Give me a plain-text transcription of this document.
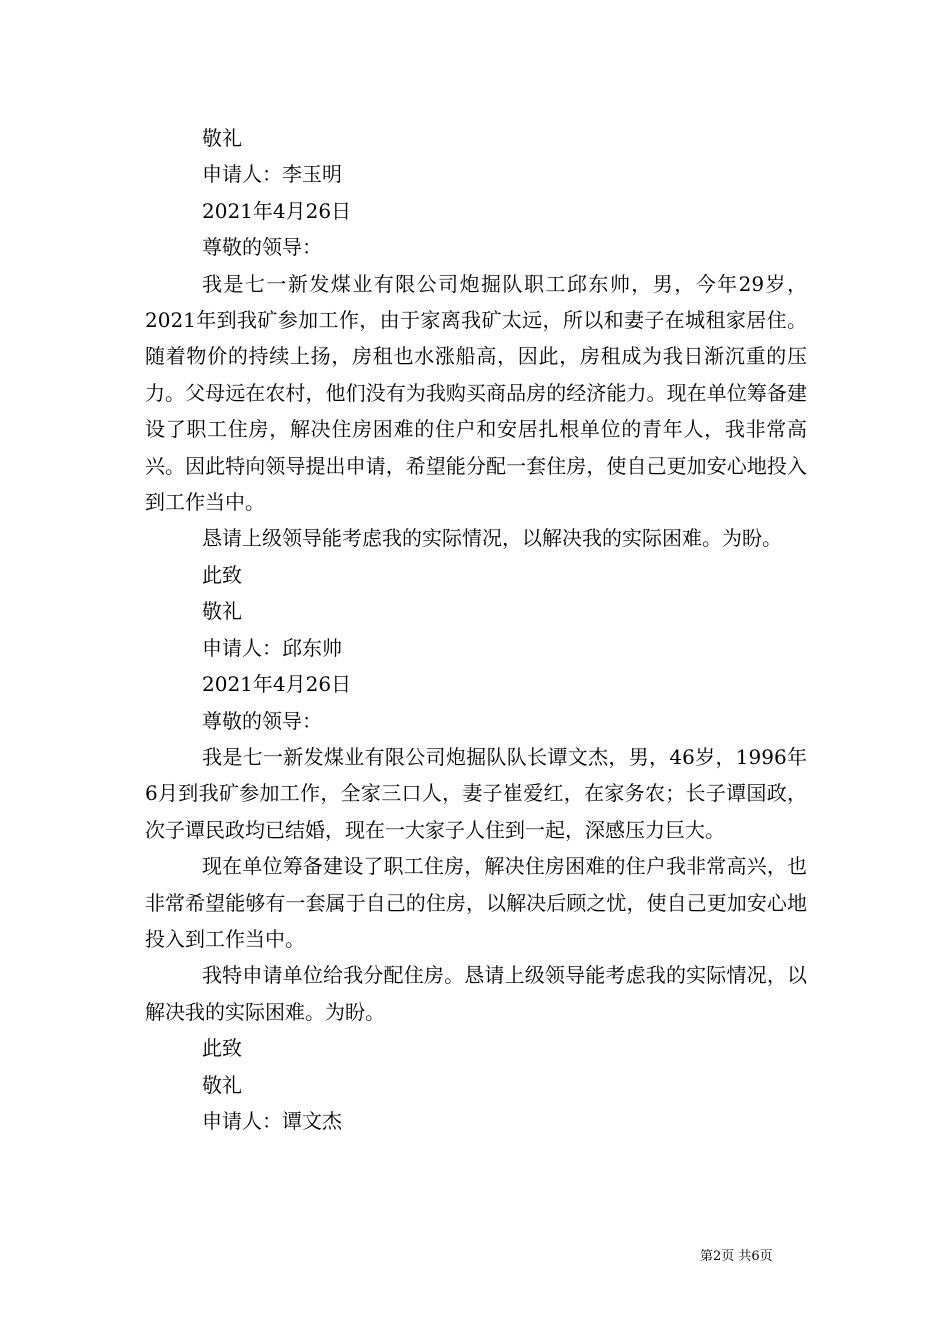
敬礼

申请人：李玉明

2021年4月26日

尊敬的领导：

我是七一新发煤业有限公司炮掘队职工邱东帅，男，今年29岁，2021年到我矿参加工作，由于家离我矿太远，所以和妻子在城租家居住。随着物价的持续上扬，房租也水涨船高，因此，房租成为我日渐沉重的压力。父母远在农村，他们没有为我购买商品房的经济能力。现在单位筹备建设了职工住房，解决住房困难的住户和安居扎根单位的青年人，我非常高兴。因此特向领导提出申请，希望能分配一套住房，使自己更加安心地投入到工作当中。

恳请上级领导能考虑我的实际情况，以解决我的实际困难。为盼。

此致

敬礼

申请人：邱东帅

2021年4月26日

尊敬的领导：

我是七一新发煤业有限公司炮掘队队长谭文杰，男，46岁，1996年6月到我矿参加工作，全家三口人，妻子崔爱红，在家务农；长子谭国政，次子谭民政均已结婚，现在一大家子人住到一起，深感压力巨大。

现在单位筹备建设了职工住房，解决住房困难的住户我非常高兴，也非常希望能够有一套属于自己的住房，以解决后顾之忧，使自己更加安心地投入到工作当中。

我特申请单位给我分配住房。恳请上级领导能考虑我的实际情况，以解决我的实际困难。为盼。

此致

敬礼

申请人：谭文杰

第2页 共6页
